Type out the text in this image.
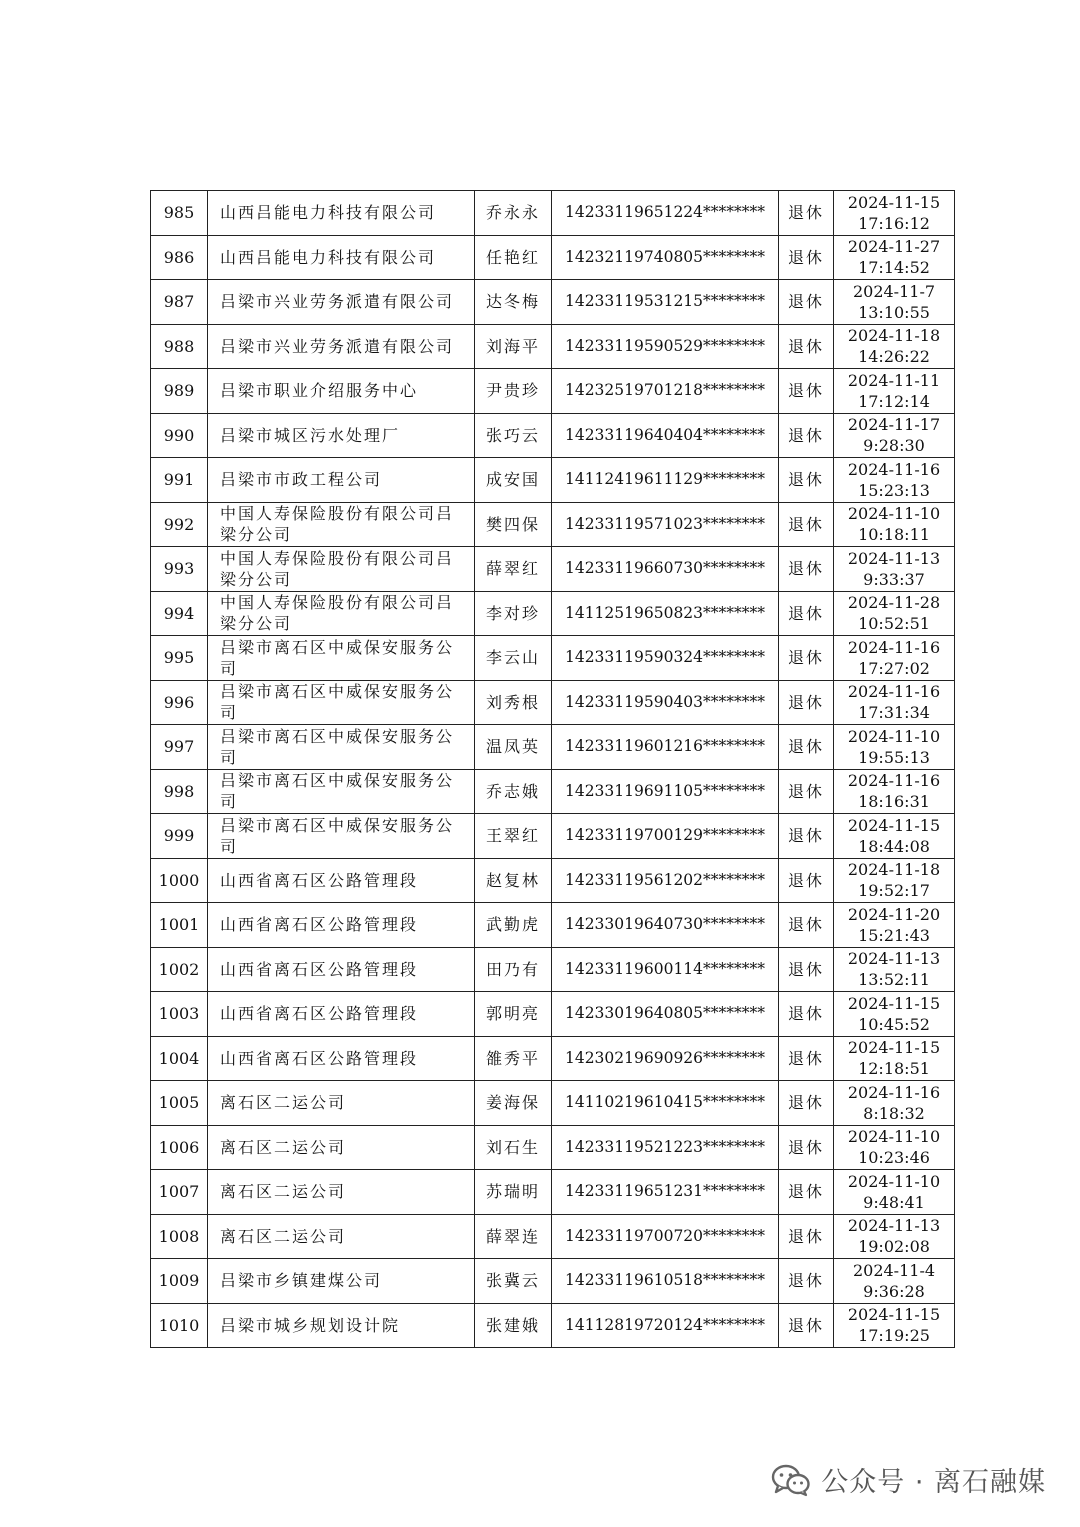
985	山西吕能电力科技有限公司	乔永永	14233119651224********	退休	2024-11-15
17:16:12
986	山西吕能电力科技有限公司	任艳红	14232119740805********	退休	2024-11-27
17:14:52
987	吕梁市兴业劳务派遣有限公司	达冬梅	14233119531215********	退休	2024-11-7
13:10:55
988	吕梁市兴业劳务派遣有限公司	刘海平	14233119590529********	退休	2024-11-18
14:26:22
989	吕梁市职业介绍服务中心	尹贵珍	14232519701218********	退休	2024-11-11
17:12:14
990	吕梁市城区污水处理厂	张巧云	14233119640404********	退休	2024-11-17
9:28:30
991	吕梁市市政工程公司	成安国	14112419611129********	退休	2024-11-16
15:23:13
992	中国人寿保险股份有限公司吕梁分公司	樊四保	14233119571023********	退休	2024-11-10
10:18:11
993	中国人寿保险股份有限公司吕梁分公司	薛翠红	14233119660730********	退休	2024-11-13
9:33:37
994	中国人寿保险股份有限公司吕梁分公司	李对珍	14112519650823********	退休	2024-11-28
10:52:51
995	吕梁市离石区中威保安服务公司	李云山	14233119590324********	退休	2024-11-16
17:27:02
996	吕梁市离石区中威保安服务公司	刘秀根	14233119590403********	退休	2024-11-16
17:31:34
997	吕梁市离石区中威保安服务公司	温凤英	14233119601216********	退休	2024-11-10
19:55:13
998	吕梁市离石区中威保安服务公司	乔志娥	14233119691105********	退休	2024-11-16
18:16:31
999	吕梁市离石区中威保安服务公司	王翠红	14233119700129********	退休	2024-11-15
18:44:08
1000	山西省离石区公路管理段	赵复林	14233119561202********	退休	2024-11-18
19:52:17
1001	山西省离石区公路管理段	武勤虎	14233019640730********	退休	2024-11-20
15:21:43
1002	山西省离石区公路管理段	田乃有	14233119600114********	退休	2024-11-13
13:52:11
1003	山西省离石区公路管理段	郭明亮	14233019640805********	退休	2024-11-15
10:45:52
1004	山西省离石区公路管理段	雒秀平	14230219690926********	退休	2024-11-15
12:18:51
1005	离石区二运公司	姜海保	14110219610415********	退休	2024-11-16
8:18:32
1006	离石区二运公司	刘石生	14233119521223********	退休	2024-11-10
10:23:46
1007	离石区二运公司	苏瑞明	14233119651231********	退休	2024-11-10
9:48:41
1008	离石区二运公司	薛翠连	14233119700720********	退休	2024-11-13
19:02:08
1009	吕梁市乡镇建煤公司	张冀云	14233119610518********	退休	2024-11-4
9:36:28
1010	吕梁市城乡规划设计院	张建娥	14112819720124********	退休	2024-11-15
17:19:25
公众号 · 离石融媒
